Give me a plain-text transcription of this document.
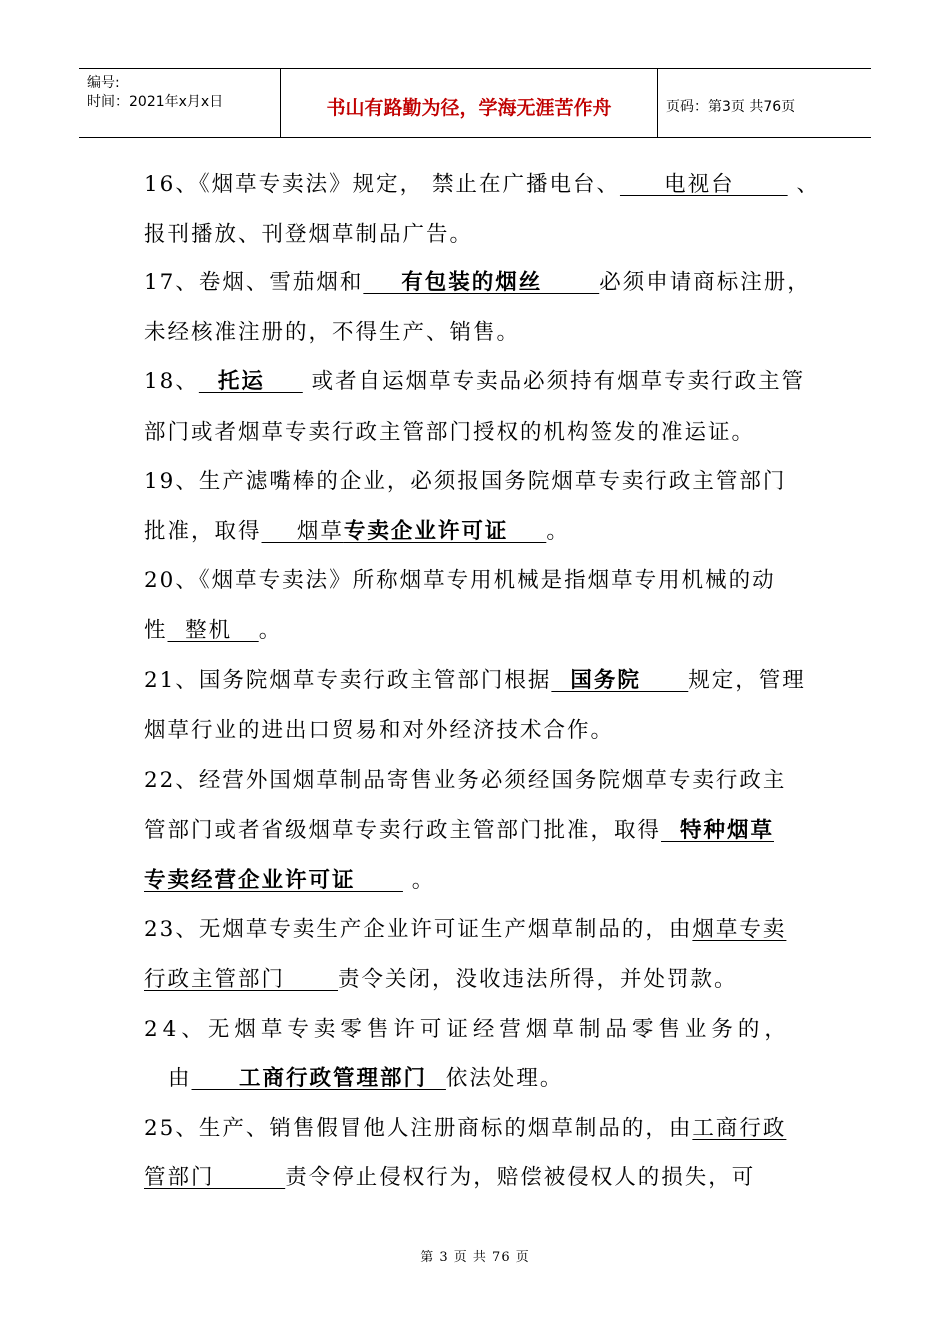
编号:
时间：2021年x月x日	书山有路勤为径，学海无涯苦作舟	页码：第3页 共76页
16、《烟草专卖法》规定， 禁止在广播电台、     电视台       、
报刊播放、刊登烟草制品广告。
17、卷烟、雪茄烟和    有包装的烟丝      必须申请商标注册，
未经核准注册的，不得生产、销售。
18、  托运     或者自运烟草专卖品必须持有烟草专卖行政主管
部门或者烟草专卖行政主管部门授权的机构签发的准运证。
19、生产滤嘴棒的企业，必须报国务院烟草专卖行政主管部门
批准，取得    烟草专卖企业许可证    。
20、《烟草专卖法》所称烟草专用机械是指烟草专用机械的动
性  整机   。
21、国务院烟草专卖行政主管部门根据  国务院     规定，管理
烟草行业的进出口贸易和对外经济技术合作。
22、经营外国烟草制品寄售业务必须经国务院烟草专卖行政主
管部门或者省级烟草专卖行政主管部门批准，取得  特种烟草
专卖经营企业许可证      。
23、无烟草专卖生产企业许可证生产烟草制品的，由烟草专卖
行政主管部门      责令关闭，没收违法所得，并处罚款。
24、无烟草专卖零售许可证经营烟草制品零售业务的，
由     工商行政管理部门  依法处理。
25、生产、销售假冒他人注册商标的烟草制品的，由工商行政
管部门        责令停止侵权行为，赔偿被侵权人的损失，可
第 3 页 共 76 页
